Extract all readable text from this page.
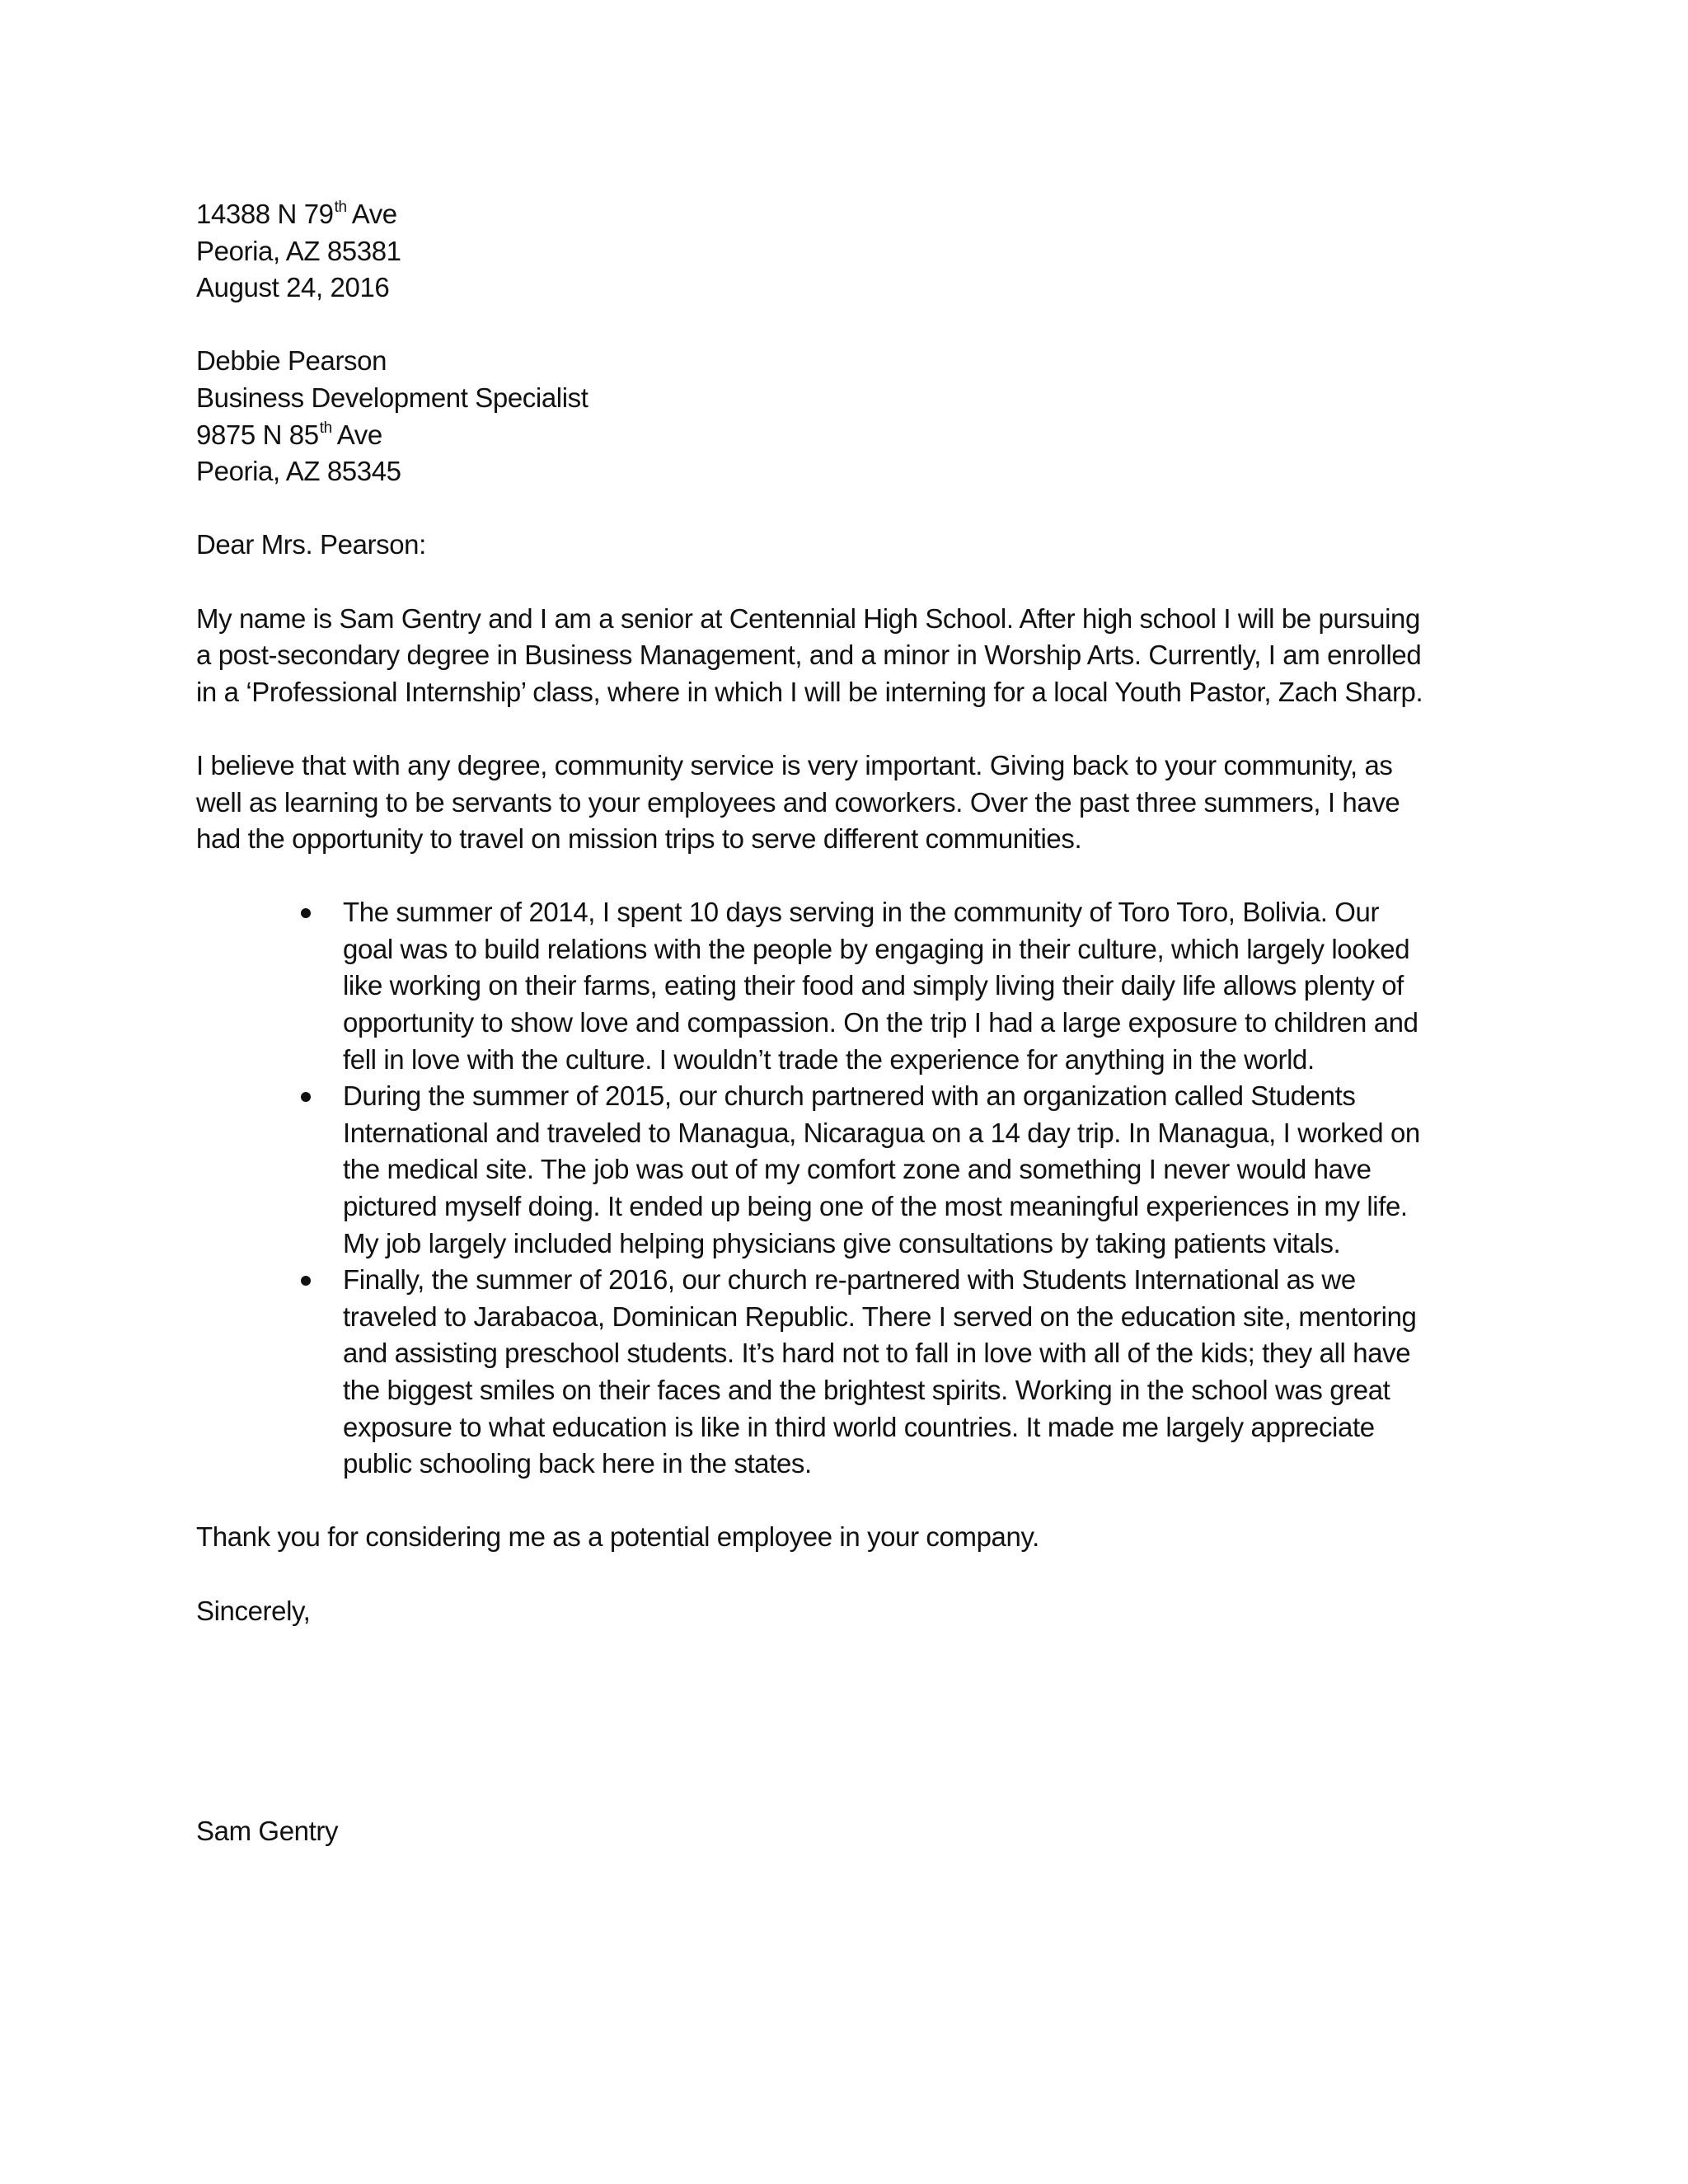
14388 N 79th Ave
Peoria, AZ 85381
August 24, 2016
Debbie Pearson
Business Development Specialist
9875 N 85th Ave
Peoria, AZ 85345
Dear Mrs. Pearson:
My name is Sam Gentry and I am a senior at Centennial High School. After high school I will be pursuing
a post-secondary degree in Business Management, and a minor in Worship Arts. Currently, I am enrolled
in a ‘Professional Internship’ class, where in which I will be interning for a local Youth Pastor, Zach Sharp.
I believe that with any degree, community service is very important. Giving back to your community, as
well as learning to be servants to your employees and coworkers. Over the past three summers, I have
had the opportunity to travel on mission trips to serve different communities.
The summer of 2014, I spent 10 days serving in the community of Toro Toro, Bolivia. Our
goal was to build relations with the people by engaging in their culture, which largely looked
like working on their farms, eating their food and simply living their daily life allows plenty of
opportunity to show love and compassion. On the trip I had a large exposure to children and
fell in love with the culture. I wouldn’t trade the experience for anything in the world.
During the summer of 2015, our church partnered with an organization called Students
International and traveled to Managua, Nicaragua on a 14 day trip. In Managua, I worked on
the medical site. The job was out of my comfort zone and something I never would have
pictured myself doing. It ended up being one of the most meaningful experiences in my life.
My job largely included helping physicians give consultations by taking patients vitals.
Finally, the summer of 2016, our church re-partnered with Students International as we
traveled to Jarabacoa, Dominican Republic. There I served on the education site, mentoring
and assisting preschool students. It’s hard not to fall in love with all of the kids; they all have
the biggest smiles on their faces and the brightest spirits. Working in the school was great
exposure to what education is like in third world countries. It made me largely appreciate
public schooling back here in the states.
Thank you for considering me as a potential employee in your company.
Sincerely,
Sam Gentry
